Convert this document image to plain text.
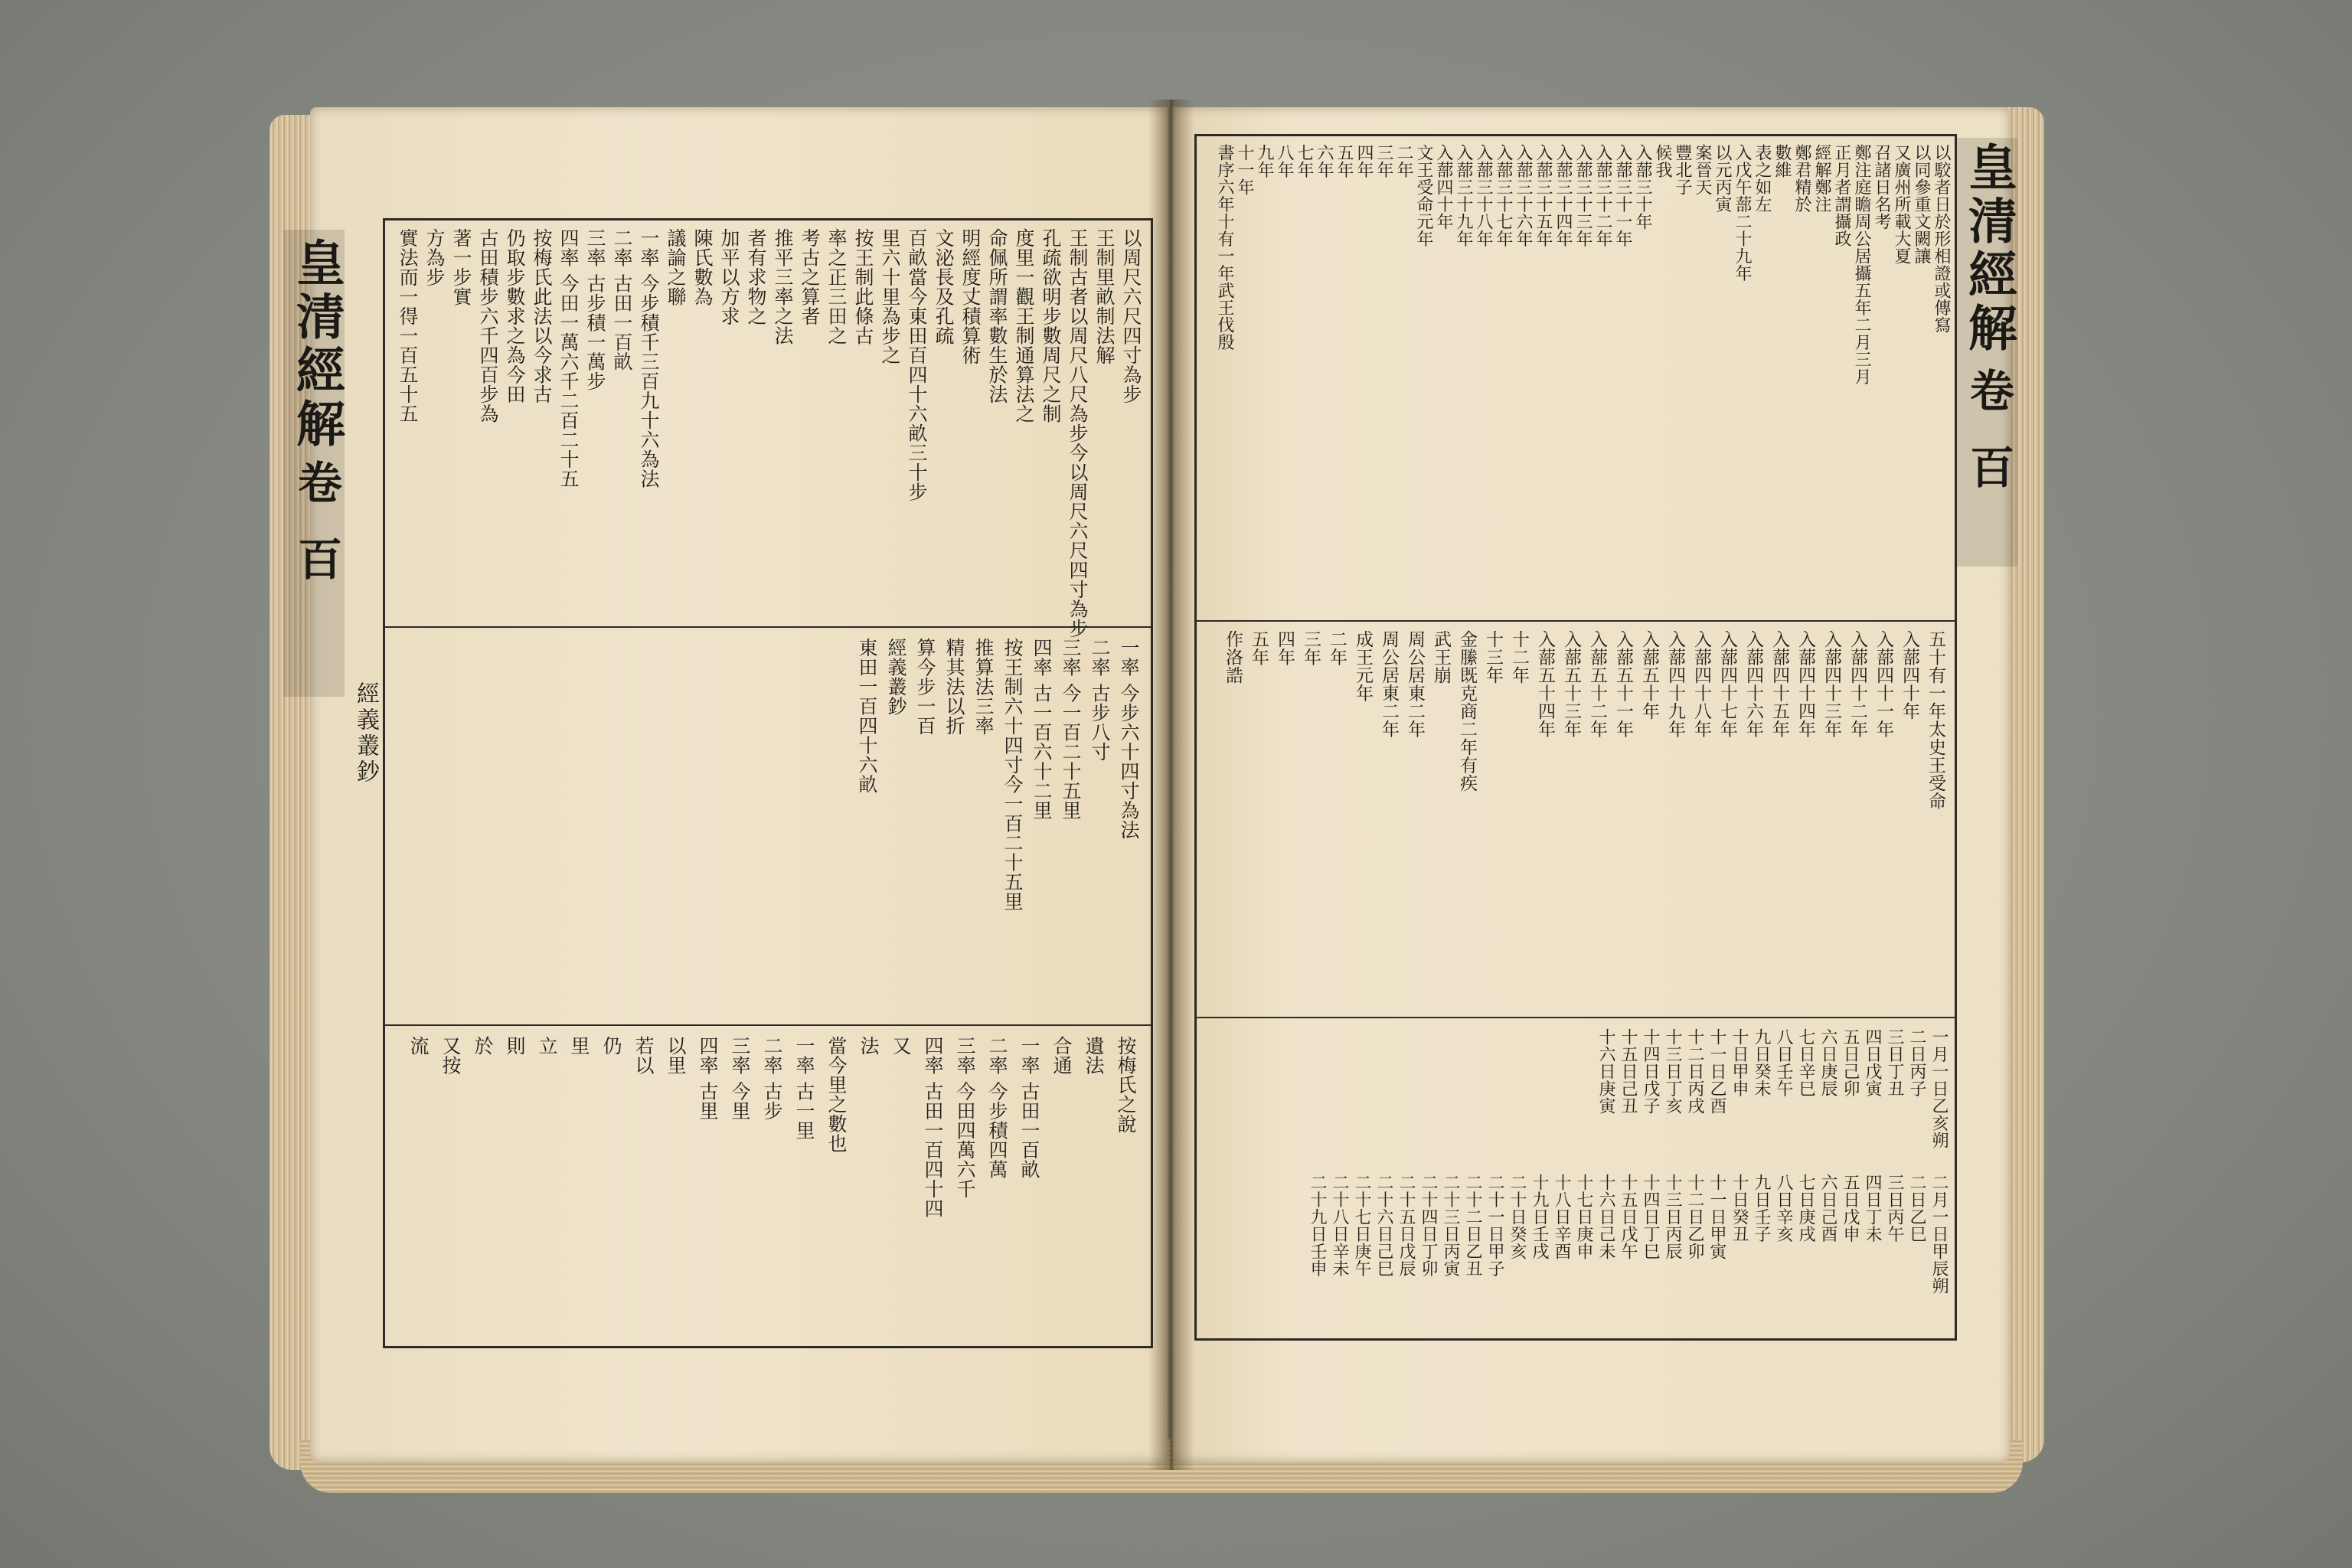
以周尺六尺四寸為步
王制里畝制法解
王制古者以周尺八尺為步今以周尺六尺四寸為步
孔疏欲明步數周尺之制
度里一觀王制通算法之
命佩所謂率數生於法
明經度丈積算術
文泌長及孔疏
百畝當今東田百四十六畝三十步
里六十里為步之
按王制此條古
率之正三田之
考古之算者
推平三率之法
者有求物之
加平以方求
陳氏數為
議論之聯
一率 今步積千三百九十六為法
二率 古田一百畝
三率 古步積一萬步
四率 今田一萬六千二百二十五
按梅氏此法以今求古
仍取步數求之為今田
古田積步六千四百步為
著一步實
方為步
實法而一得一百五十五
一率 今步六十四寸為法
二率 古步八寸
三率 今一百二十五里
四率 古一百六十二里
按王制六十四寸今一百二十五里
推算法三率
精其法以折
算今步一百
經義叢鈔
東田一百四十六畝
按梅氏之說
遺法
合通
一率 古田一百畝
二率 今步積四萬
三率 今田四萬六千
四率 古田一百四十四
又
法
當今里之數也
一率 古一里
二率 古步
三率 今里
四率 古里
以里
若以
仍
里
立
則
於
又按
流
皇清經解
卷
百
經義叢鈔
以駮者日於形相證或傳寫
以同參重文闕讓
又廣州所載大夏
召諸日名考
鄭注庭瞻周公居攝五年二月三月
正月者謂攝政
經解鄭注
鄭君精於
數維
表之如左
入戊午蔀二十九年
以元丙寅
案晉天
豐北子
候我
入蔀三十年
入蔀三十一年
入蔀三十二年
入蔀三十三年
入蔀三十四年
入蔀三十五年
入蔀三十六年
入蔀三十七年
入蔀三十八年
入蔀三十九年
入蔀四十年
文王受命元年
二年
三年
四年
五年
六年
七年
八年
九年
十一年
書序六年十有一年武王伐殷
五十有一年太史王受命
入蔀四十年
入蔀四十一年
入蔀四十二年
入蔀四十三年
入蔀四十四年
入蔀四十五年
入蔀四十六年
入蔀四十七年
入蔀四十八年
入蔀四十九年
入蔀五十年
入蔀五十一年
入蔀五十二年
入蔀五十三年
入蔀五十四年
十二年
十三年
金縢既克商二年有疾
武王崩
周公居東二年
周公居東二年
成王元年
二年
三年
四年
五年
作洛誥
一月一日乙亥朔
二日丙子
三日丁丑
四日戊寅
五日己卯
六日庚辰
七日辛巳
八日壬午
九日癸未
十日甲申
十一日乙酉
十二日丙戌
十三日丁亥
十四日戊子
十五日己丑
十六日庚寅
二月一日甲辰朔
二日乙巳
三日丙午
四日丁未
五日戊申
六日己酉
七日庚戌
八日辛亥
九日壬子
十日癸丑
十一日甲寅
十二日乙卯
十三日丙辰
十四日丁巳
十五日戊午
十六日己未
十七日庚申
十八日辛酉
十九日壬戌
二十日癸亥
二十一日甲子
二十二日乙丑
二十三日丙寅
二十四日丁卯
二十五日戊辰
二十六日己巳
二十七日庚午
二十八日辛未
二十九日壬申
皇清經解
卷
百
